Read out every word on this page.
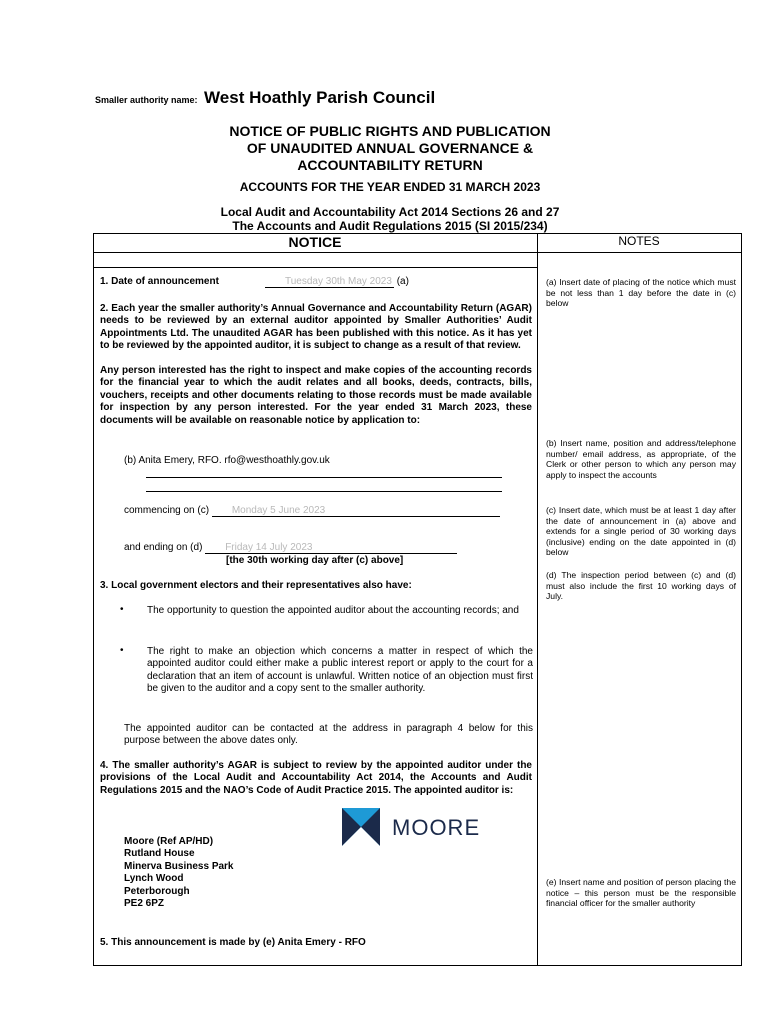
Smaller authority name: West Hoathly Parish Council
NOTICE OF PUBLIC RIGHTS AND PUBLICATION
OF UNAUDITED ANNUAL GOVERNANCE &
ACCOUNTABILITY RETURN
ACCOUNTS FOR THE YEAR ENDED 31 MARCH 2023
Local Audit and Accountability Act 2014 Sections 26 and 27
The Accounts and Audit Regulations 2015 (SI 2015/234)
NOTICE	NOTES
1. Date of announcement	Tuesday 30th May 2023 (a)
2. Each year the smaller authority’s Annual Governance and Accountability Return (AGAR) needs to be reviewed by an external auditor appointed by Smaller Authorities’ Audit Appointments Ltd. The unaudited AGAR has been published with this notice. As it has yet to be reviewed by the appointed auditor, it is subject to change as a result of that review.
Any person interested has the right to inspect and make copies of the accounting records for the financial year to which the audit relates and all books, deeds, contracts, bills, vouchers, receipts and other documents relating to those records must be made available for inspection by any person interested. For the year ended 31 March 2023, these documents will be available on reasonable notice by application to:
(b) Anita Emery, RFO. rfo@westhoathly.gov.uk
commencing on (c) Monday 5 June 2023
and ending on (d) Friday 14 July 2023
[the 30th working day after (c) above]
3. Local government electors and their representatives also have:
• The opportunity to question the appointed auditor about the accounting records; and
• The right to make an objection which concerns a matter in respect of which the appointed auditor could either make a public interest report or apply to the court for a declaration that an item of account is unlawful. Written notice of an objection must first be given to the auditor and a copy sent to the smaller authority.
The appointed auditor can be contacted at the address in paragraph 4 below for this purpose between the above dates only.
4. The smaller authority’s AGAR is subject to review by the appointed auditor under the provisions of the Local Audit and Accountability Act 2014, the Accounts and Audit Regulations 2015 and the NAO’s Code of Audit Practice 2015. The appointed auditor is:
Moore (Ref AP/HD)
Rutland House
Minerva Business Park
Lynch Wood
Peterborough
PE2 6PZ
MOORE
5. This announcement is made by (e) Anita Emery - RFO
(a) Insert date of placing of the notice which must be not less than 1 day before the date in (c) below
(b) Insert name, position and address/telephone number/ email address, as appropriate, of the Clerk or other person to which any person may apply to inspect the accounts
(c) Insert date, which must be at least 1 day after the date of announcement in (a) above and extends for a single period of 30 working days (inclusive) ending on the date appointed in (d) below
(d) The inspection period between (c) and (d) must also include the first 10 working days of July.
(e) Insert name and position of person placing the notice – this person must be the responsible financial officer for the smaller authority
